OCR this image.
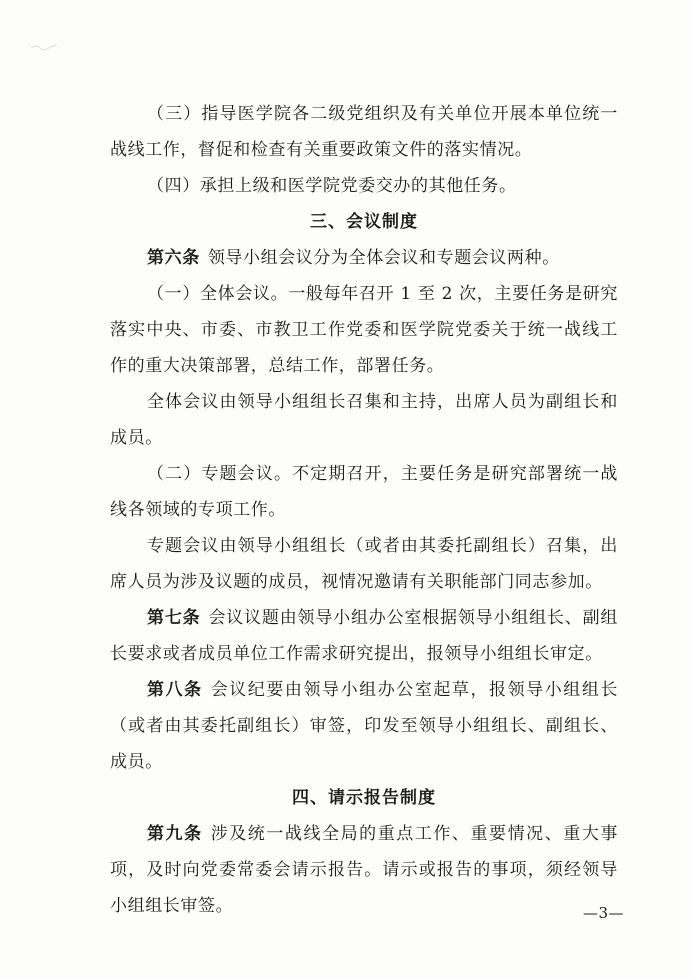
（三）指导医学院各二级党组织及有关单位开展本单位统一战线工作，督促和检查有关重要政策文件的落实情况。

（四）承担上级和医学院党委交办的其他任务。

三、会议制度

第六条 领导小组会议分为全体会议和专题会议两种。

（一）全体会议。一般每年召开 1 至 2 次，主要任务是研究落实中央、市委、市教卫工作党委和医学院党委关于统一战线工作的重大决策部署，总结工作，部署任务。

全体会议由领导小组组长召集和主持，出席人员为副组长和成员。

（二）专题会议。不定期召开，主要任务是研究部署统一战线各领域的专项工作。

专题会议由领导小组组长（或者由其委托副组长）召集，出席人员为涉及议题的成员，视情况邀请有关职能部门同志参加。

第七条 会议议题由领导小组办公室根据领导小组组长、副组长要求或者成员单位工作需求研究提出，报领导小组组长审定。

第八条 会议纪要由领导小组办公室起草，报领导小组组长（或者由其委托副组长）审签，印发至领导小组组长、副组长、成员。

四、请示报告制度

第九条 涉及统一战线全局的重点工作、重要情况、重大事项，及时向党委常委会请示报告。请示或报告的事项，须经领导小组组长审签。	—3—
